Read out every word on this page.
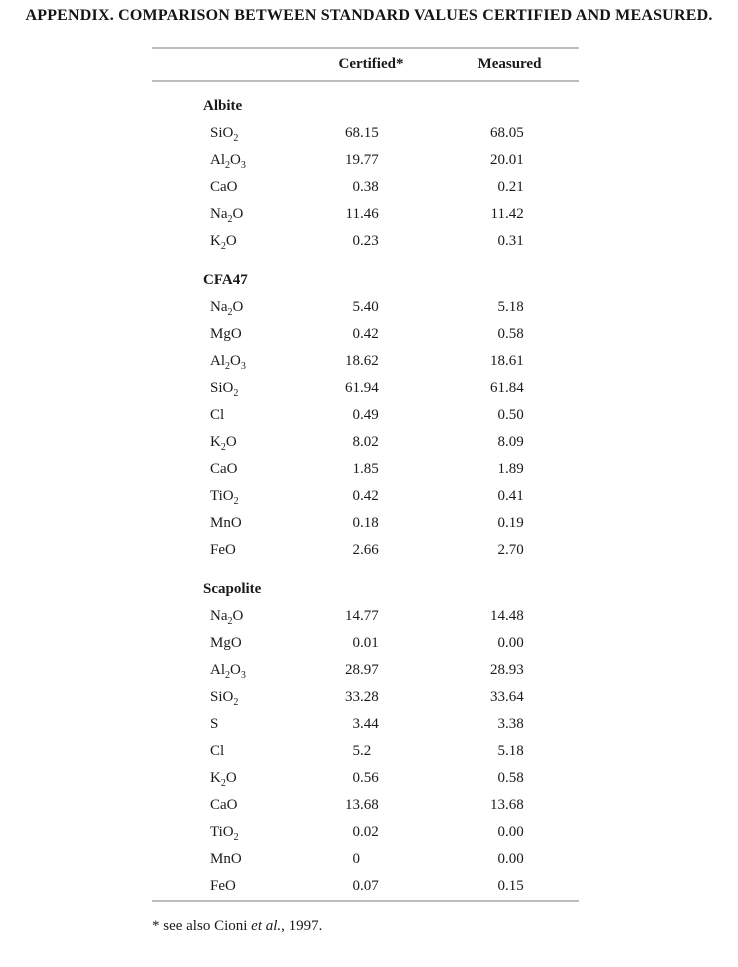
APPENDIX. COMPARISON BETWEEN STANDARD VALUES CERTIFIED AND MEASURED.
Certified*	Measured
Albite
SiO$_2$	68 .15	68 .05
$Al_2O_3$	19 .77	20 .01
CaO	0 .38	0 .21
$Na_2O$	11 .46	11 .42
$K_2O$	0 .23	0 .31
CFA47
$Na_2O$	5 .40	5 .18
MgO	0 .42	0 .58
$Al_2O_3$	18 .62	18 .61
SiO$_2$	61 .94	61 .84
Cl	0 .49	0 .50
$K_2O$	8 .02	8 .09
CaO	1 .85	1 .89
TiO$_2$	0 .42	0 .41
MnO	0 .18	0 .19
FeO	2 .66	2 .70
Scapolite
$Na_2O$	14 .77	14 .48
MgO	0 .01	0 .00
$Al_2O_3$	28 .97	28 .93
SiO$_2$	33 .28	33 .64
S	3 .44	3 .38
Cl	5 .2	5 .18
$K_2O$	0 .56	0 .58
CaO	13 .68	13 .68
TiO$_2$	0 .02	0 .00
MnO	0	0 .00
FeO	0 .07	0 .15

* see also Cioni et al., 1997.
